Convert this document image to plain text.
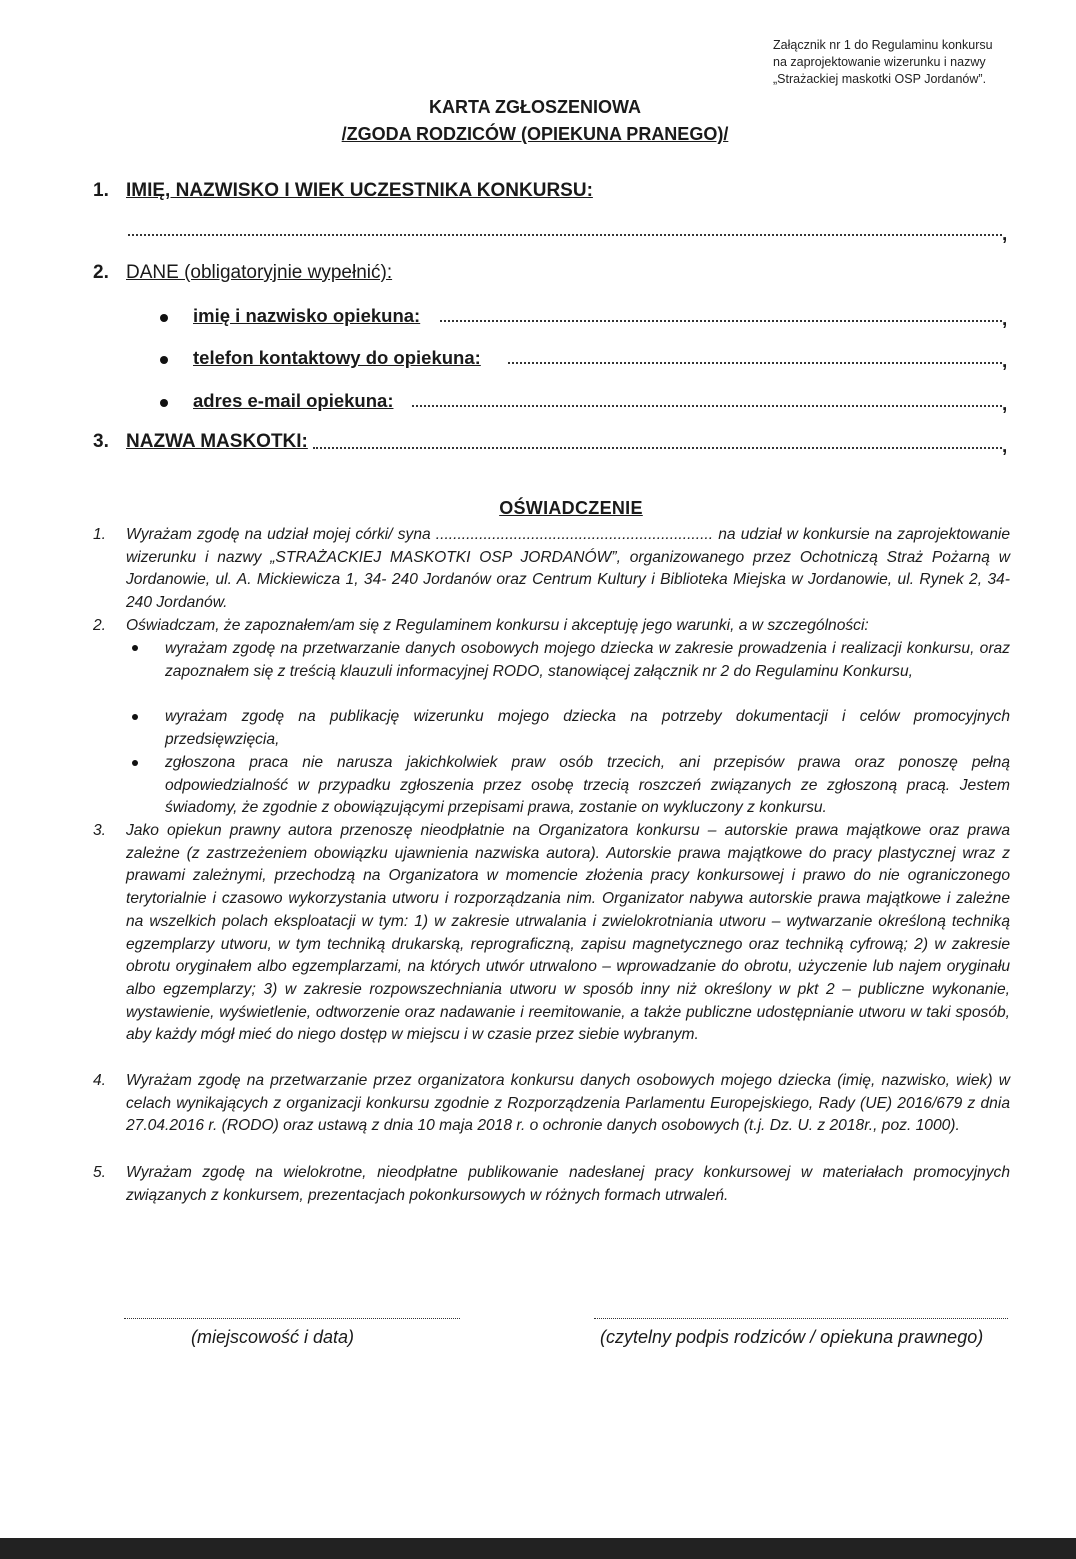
Załącznik nr 1 do Regulaminu konkursu
na zaprojektowanie wizerunku i nazwy
„Strażackiej maskotki OSP Jordanów”.
KARTA ZGŁOSZENIOWA
/ZGODA RODZICÓW (OPIEKUNA PRANEGO)/
1. IMIĘ, NAZWISKO I WIEK UCZESTNIKA KONKURSU:
,
2. DANE (obligatoryjnie wypełnić):
imię i nazwisko opiekuna:	,
telefon kontaktowy do opiekuna:	,
adres e-mail opiekuna:	,
3. NAZWA MASKOTKI:	,
OŚWIADCZENIE
1. Wyrażam zgodę na udział mojej córki/ syna ................................................................ na udział w konkursie na zaprojektowanie wizerunku i nazwy „STRAŻACKIEJ MASKOTKI OSP JORDANÓW”, organizowanego przez Ochotniczą Straż Pożarną w Jordanowie, ul. A. Mickiewicza 1, 34- 240 Jordanów oraz Centrum Kultury i Biblioteka Miejska w Jordanowie, ul. Rynek 2, 34-240 Jordanów.
2. Oświadczam, że zapoznałem/am się z Regulaminem konkursu i akceptuję jego warunki, a w szczególności:
wyrażam zgodę na przetwarzanie danych osobowych mojego dziecka w zakresie prowadzenia i realizacji konkursu, oraz zapoznałem się z treścią klauzuli informacyjnej RODO, stanowiącej załącznik nr 2 do Regulaminu Konkursu,
wyrażam zgodę na publikację wizerunku mojego dziecka na potrzeby dokumentacji i celów promocyjnych przedsięwzięcia,
zgłoszona praca nie narusza jakichkolwiek praw osób trzecich, ani przepisów prawa oraz ponoszę pełną odpowiedzialność w przypadku zgłoszenia przez osobę trzecią roszczeń związanych ze zgłoszoną pracą. Jestem świadomy, że zgodnie z obowiązującymi przepisami prawa, zostanie on wykluczony z konkursu.
3. Jako opiekun prawny autora przenoszę nieodpłatnie na Organizatora konkursu – autorskie prawa majątkowe oraz prawa zależne (z zastrzeżeniem obowiązku ujawnienia nazwiska autora). Autorskie prawa majątkowe do pracy plastycznej wraz z prawami zależnymi, przechodzą na Organizatora w momencie złożenia pracy konkursowej i prawo do nie ograniczonego terytorialnie i czasowo wykorzystania utworu i rozporządzania nim. Organizator nabywa autorskie prawa majątkowe i zależne na wszelkich polach eksploatacji w tym: 1) w zakresie utrwalania i zwielokrotniania utworu – wytwarzanie określoną techniką egzemplarzy utworu, w tym techniką drukarską, reprograficzną, zapisu magnetycznego oraz techniką cyfrową; 2) w zakresie obrotu oryginałem albo egzemplarzami, na których utwór utrwalono – wprowadzanie do obrotu, użyczenie lub najem oryginału albo egzemplarzy; 3) w zakresie rozpowszechniania utworu w sposób inny niż określony w pkt 2 – publiczne wykonanie, wystawienie, wyświetlenie, odtworzenie oraz nadawanie i reemitowanie, a także publiczne udostępnianie utworu w taki sposób, aby każdy mógł mieć do niego dostęp w miejscu i w czasie przez siebie wybranym.
4. Wyrażam zgodę na przetwarzanie przez organizatora konkursu danych osobowych mojego dziecka (imię, nazwisko, wiek) w celach wynikających z organizacji konkursu zgodnie z Rozporządzenia Parlamentu Europejskiego, Rady (UE) 2016/679 z dnia 27.04.2016 r. (RODO) oraz ustawą z dnia 10 maja 2018 r. o ochronie danych osobowych (t.j. Dz. U. z 2018r., poz. 1000).
5. Wyrażam zgodę na wielokrotne, nieodpłatne publikowanie nadesłanej pracy konkursowej w materiałach promocyjnych związanych z konkursem, prezentacjach pokonkursowych w różnych formach utrwaleń.
(miejscowość i data)	(czytelny podpis rodziców / opiekuna prawnego)
